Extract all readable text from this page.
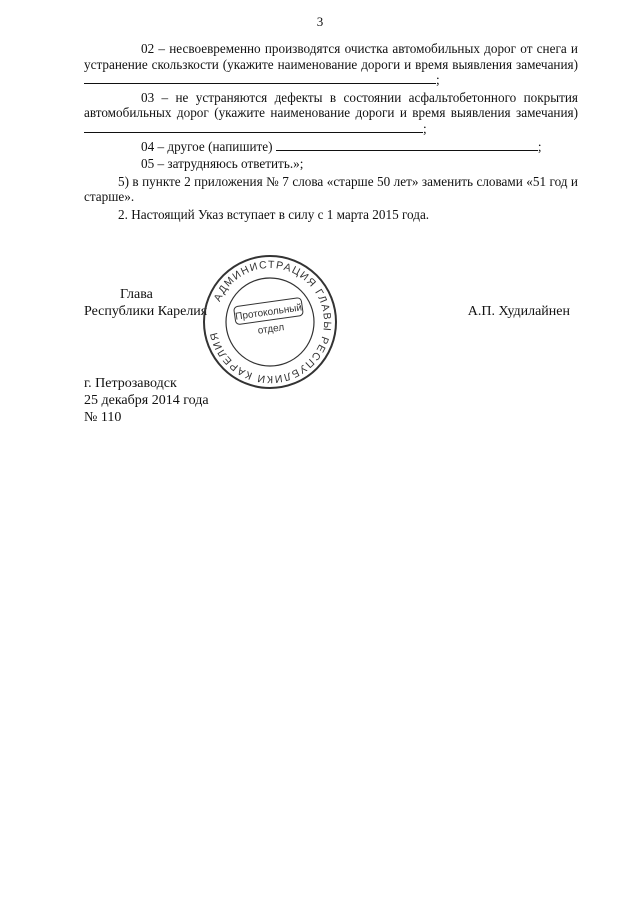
3

02 – несвоевременно производятся очистка автомобильных дорог от снега и устранение скользкости (укажите наименование дороги и время выявления замечания) ;

03 – не устраняются дефекты в состоянии асфальтобетонного покрытия автомобильных дорог (укажите наименование дороги и время выявления замечания) ;

04 – другое (напишите)	;

05 – затрудняюсь ответить.»;

5) в пункте 2 приложения № 7 слова «старше 50 лет» заменить словами «51 год и старше».

2. Настоящий Указ вступает в силу с 1 марта 2015 года.

Глава
Республики Карелия	А.П. Худилайнен
АДМИНИСТРАЦИЯ ГЛАВЫ РЕСПУБЛИКИ КАРЕЛИЯ
Протокольный
отдел
г. Петрозаводск
25 декабря 2014 года
№ 110
